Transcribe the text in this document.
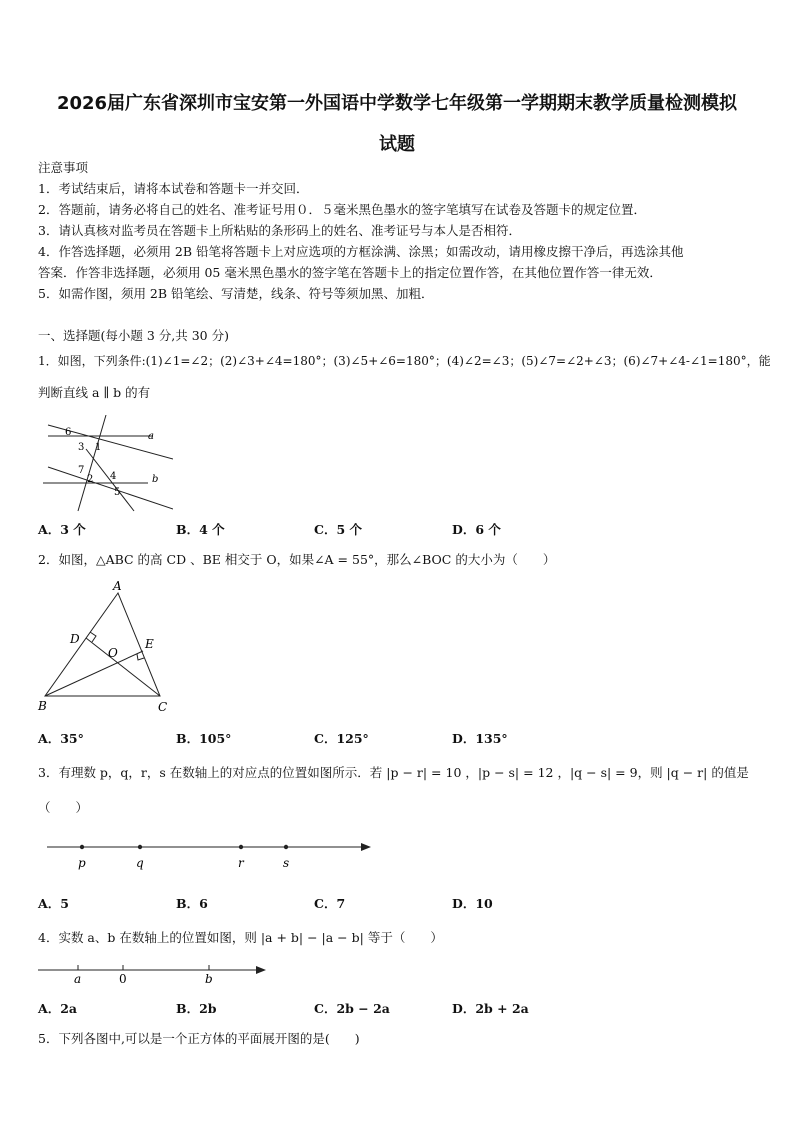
2026届广东省深圳市宝安第一外国语中学数学七年级第一学期期末教学质量检测模拟
试题
注意事项
1．考试结束后，请将本试卷和答题卡一并交回．
2．答题前，请务必将自己的姓名、准考证号用０．５毫米黑色墨水的签字笔填写在试卷及答题卡的规定位置．
3．请认真核对监考员在答题卡上所粘贴的条形码上的姓名、准考证号与本人是否相符．
4．作答选择题，必须用 2B 铅笔将答题卡上对应选项的方框涂满、涂黑；如需改动，请用橡皮擦干净后，再选涂其他
答案．作答非选择题，必须用 05 毫米黑色墨水的签字笔在答题卡上的指定位置作答，在其他位置作答一律无效．
5．如需作图，须用 2B 铅笔绘、写清楚，线条、符号等须加黑、加粗．
一、选择题(每小题 3 分,共 30 分)
1．如图，下列条件:(1)∠1=∠2；(2)∠3+∠4=180°；(3)∠5+∠6=180°；(4)∠2=∠3；(5)∠7=∠2+∠3；(6)∠7+∠4-∠1=180°，能
判断直线 a ∥ b 的有
6
3 1
7
4
2
5
a
b
A．3 个	B．4 个	C．5 个	D．6 个
2．如图，△ABC 的高 CD 、BE 相交于 O，如果∠A = 55°，那么∠BOC 的大小为（　　）
A
D	E
O
B	C
A．35°	B．105°	C．125°	D．135°
3．有理数 p，q，r，s 在数轴上的对应点的位置如图所示．若 |p − r| = 10 ，|p − s| = 12 ，|q − s| = 9，则 |q − r| 的值是
（　　）
p	q	r	s
A．5	B．6	C．7	D．10
4．实数 a、b 在数轴上的位置如图，则 |a + b| − |a − b| 等于（　　）
a	0	b
A．2a	B．2b	C．2b − 2a	D．2b + 2a
5．下列各图中,可以是一个正方体的平面展开图的是(　　)
